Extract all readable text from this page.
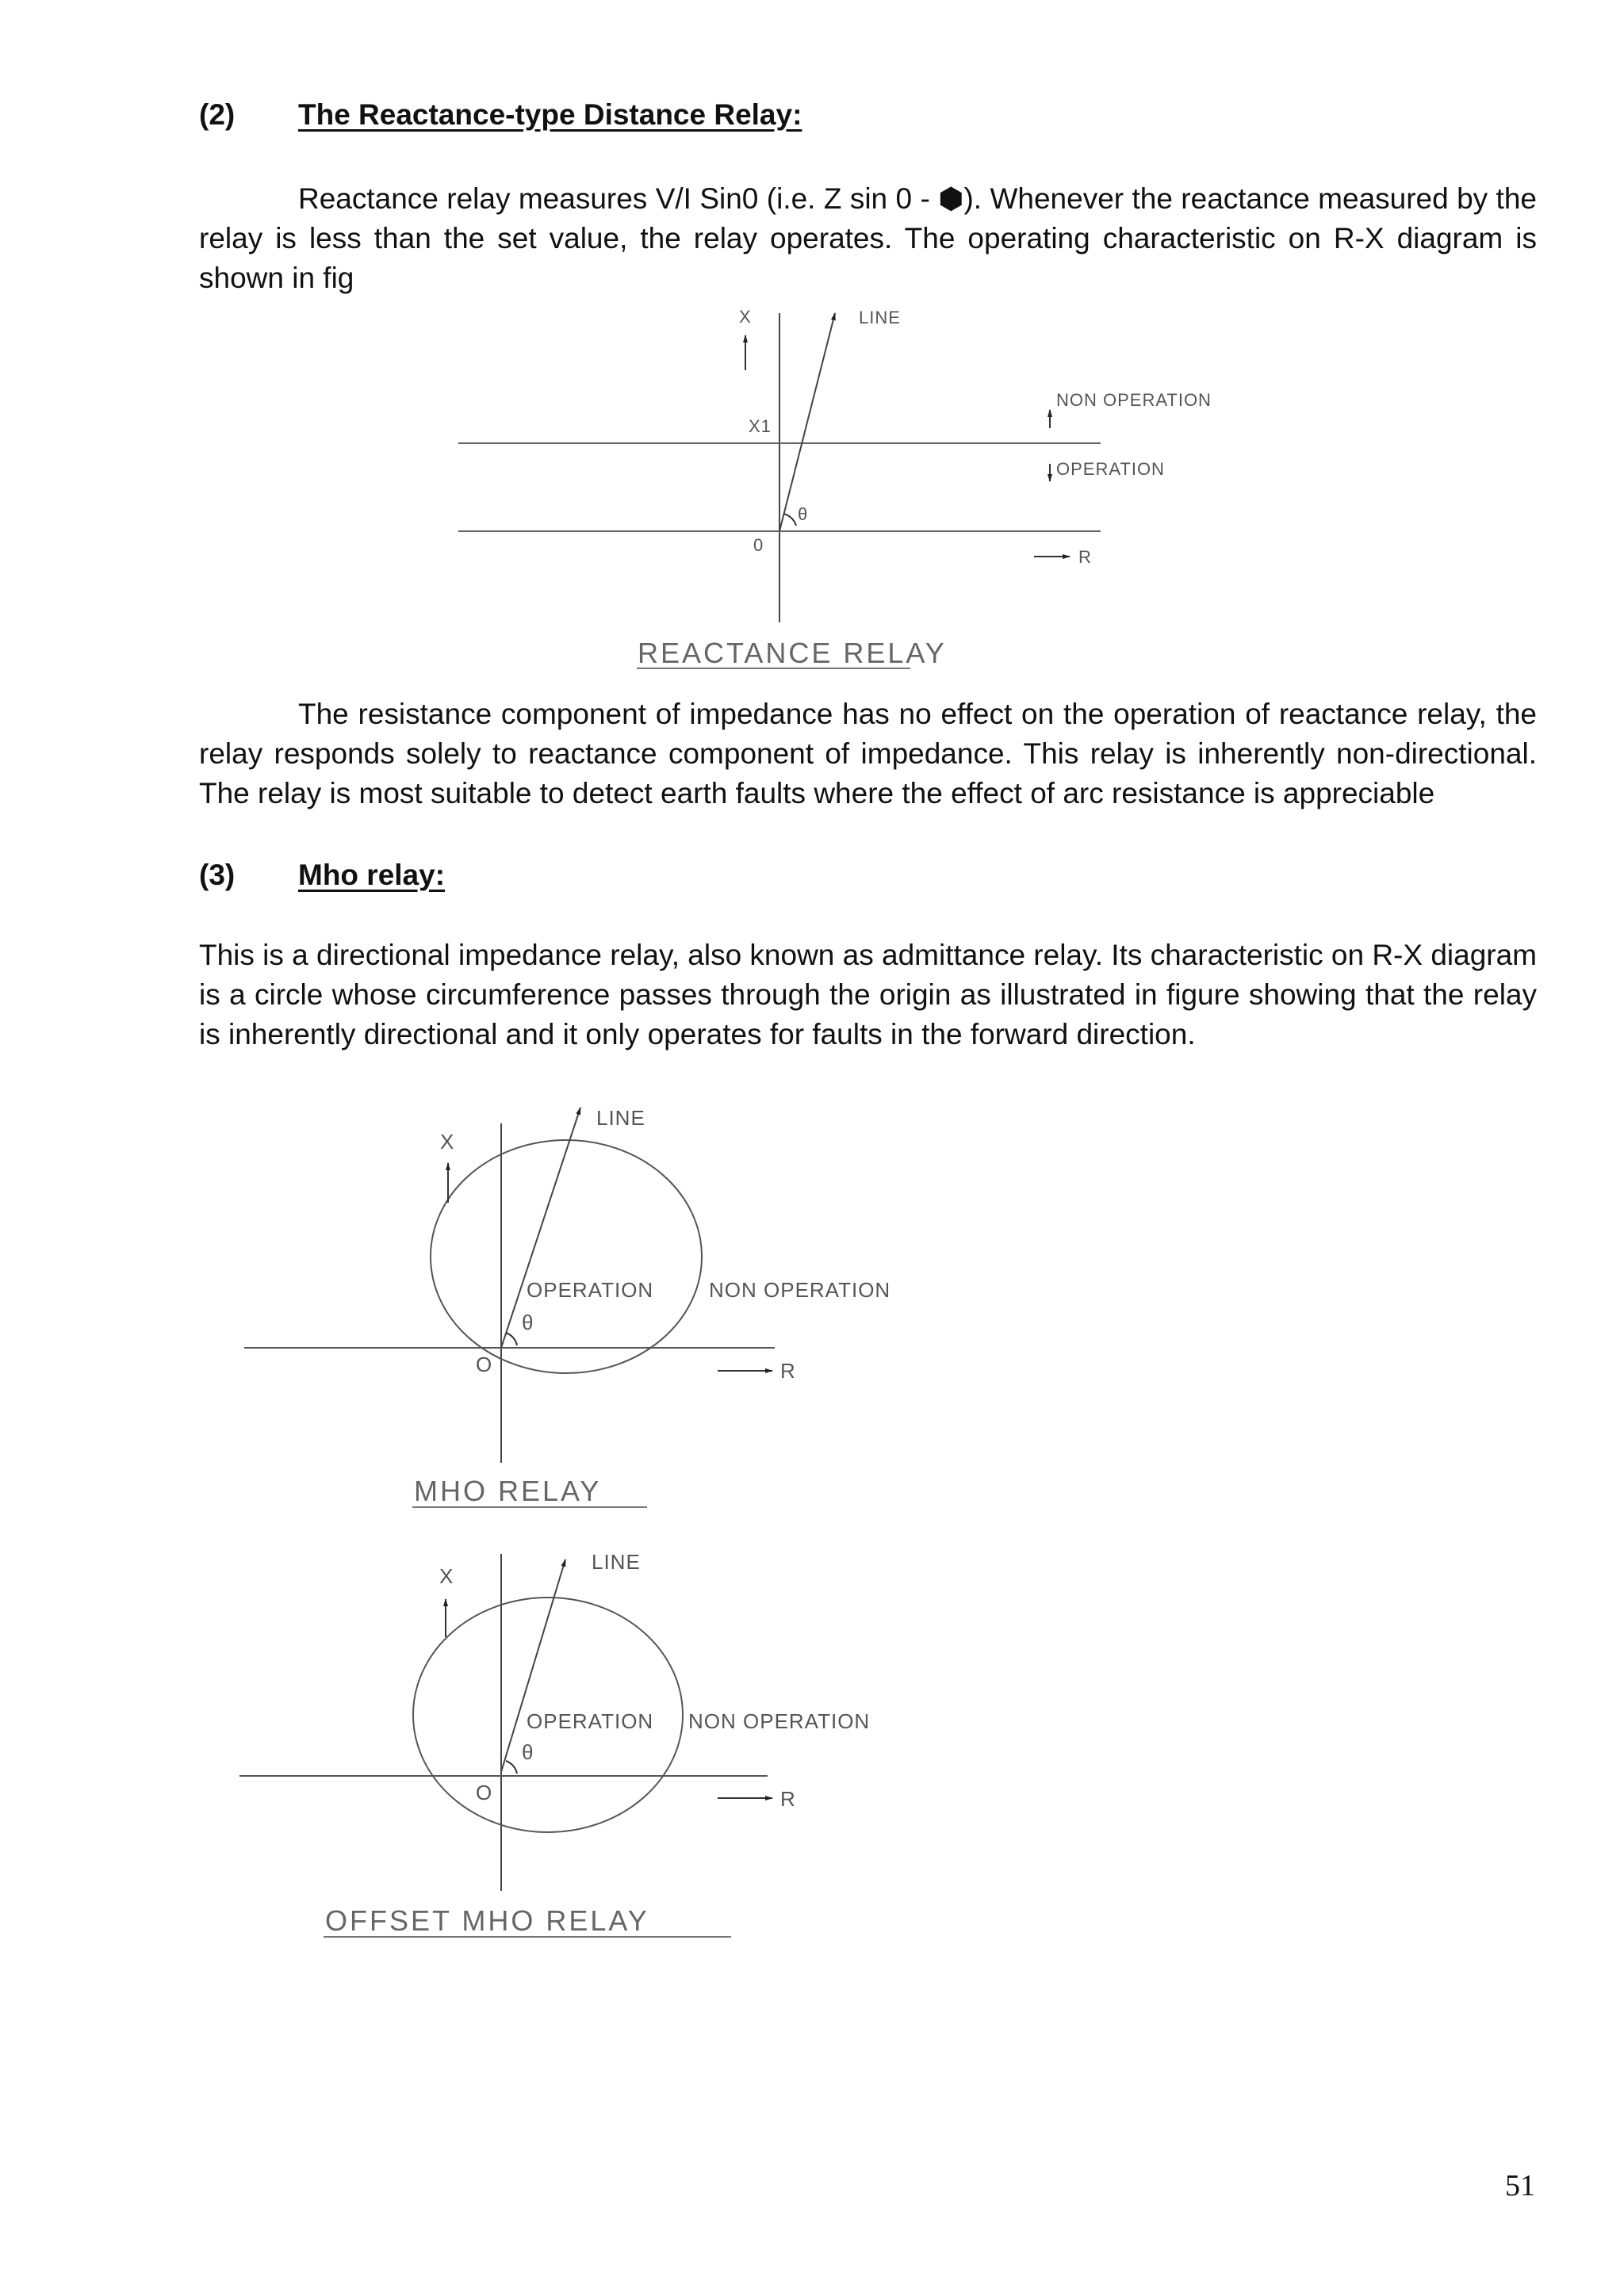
(2) The Reactance-type Distance Relay:

Reactance relay measures V/I Sin0 (i.e. Z sin 0 - ⬢). Whenever the reactance measured by the relay is less than the set value, the relay operates. The operating characteristic on R-X diagram is shown in fig

X	LINE
X1
NON OPERATION
OPERATION
θ
0
R
REACTANCE RELAY

The resistance component of impedance has no effect on the operation of reactance relay, the relay responds solely to reactance component of impedance. This relay is inherently non-directional. The relay is most suitable to detect earth faults where the effect of arc resistance is appreciable

(3) Mho relay:

This is a directional impedance relay, also known as admittance relay. Its characteristic on R-X diagram is a circle whose circumference passes through the origin as illustrated in figure showing that the relay is inherently directional and it only operates for faults in the forward direction.

X
LINE
OPERATION	NON OPERATION
θ
O	R
MHO RELAY
X
LINE
OPERATION NON OPERATION
θ
O	R
OFFSET MHO RELAY
51
